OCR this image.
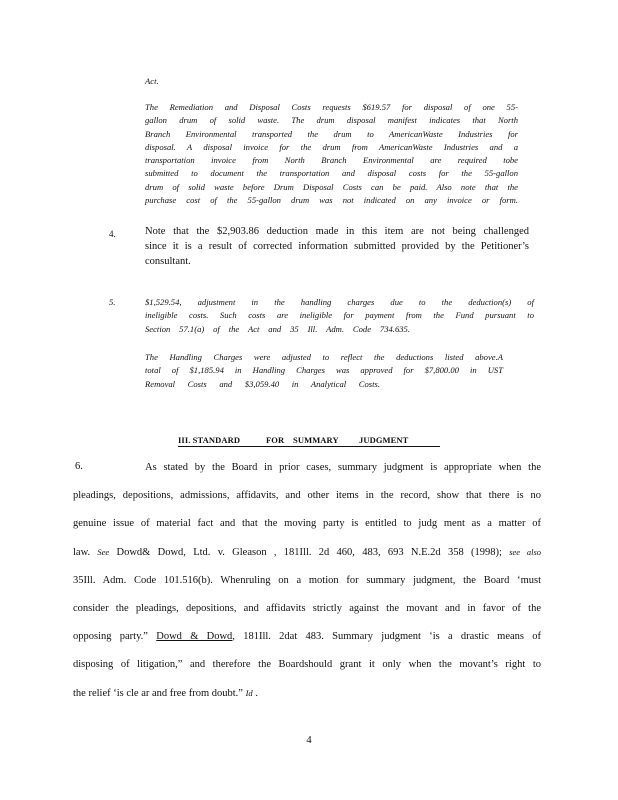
Act.
The Remediation and Disposal Costs requests $619.57 for disposal of one 55-
gallon drum of solid waste. The drum disposal manifest indicates that North
Branch Environmental transported the drum to AmericanWaste Industries for
disposal. A disposal invoice for the drum from AmericanWaste Industries and a
transportation invoice from North Branch Environmental are required tobe
submitted to document the transportation and disposal costs for the 55-gallon
drum of solid waste before Drum Disposal Costs can be paid. Also note that the
purchase cost of the 55-gallon drum was not indicated on any invoice or form.
4.	Note that the $2,903.86 deduction made in this item are not being challenged
since it is a result of corrected information submitted provided by the Petitioner’s
consultant.
5.	$1,529.54, adjustment in the handling charges due to the deduction(s) of
ineligible costs. Such costs are ineligible for payment from the Fund pursuant to
Section 57.1(a) of the Act and 35 Ill. Adm. Code 734.635.
The Handling Charges were adjusted to reflect the deductions listed above.A
total of $1,185.94 in Handling Charges was approved for $7,800.00 in UST
Removal Costs and $3,059.40 in Analytical Costs.
III. STANDARD	FOR SUMMARY JUDGMENT
6.	As stated by the Board in prior cases, summary judgment is appropriate when the
pleadings, depositions, admissions, affidavits, and other items in the record, show that there is no
genuine issue of material fact and that the moving party is entitled to judg ment as a matter of
law. See Dowd& Dowd, Ltd. v. Gleason , 181Ill. 2d 460, 483, 693 N.E.2d 358 (1998); see also
35Ill. Adm. Code 101.516(b). Whenruling on a motion for summary judgment, the Board ‘must
consider the pleadings, depositions, and affidavits strictly against the movant and in favor of the
opposing party.” Dowd & Dowd, 181Ill. 2dat 483. Summary judgment ‘is a drastic means of
disposing of litigation,” and therefore the Boardshould grant it only when the movant’s right to
the relief ‘is cle ar and free from doubt.” Id .
4
